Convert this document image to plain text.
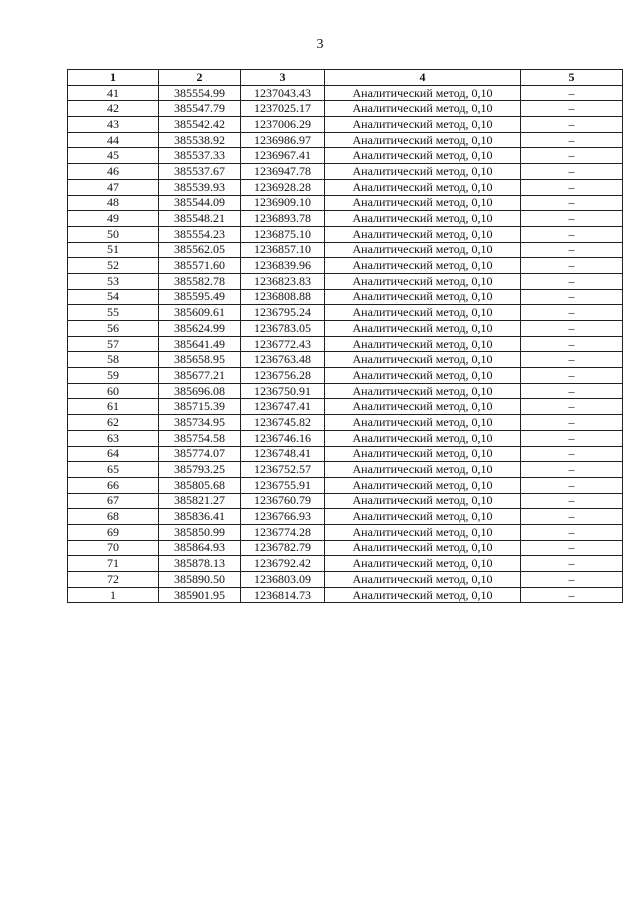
3
1	2	3	4	5
41	385554.99	1237043.43	Аналитический метод, 0,10	–
42	385547.79	1237025.17	Аналитический метод, 0,10	–
43	385542.42	1237006.29	Аналитический метод, 0,10	–
44	385538.92	1236986.97	Аналитический метод, 0,10	–
45	385537.33	1236967.41	Аналитический метод, 0,10	–
46	385537.67	1236947.78	Аналитический метод, 0,10	–
47	385539.93	1236928.28	Аналитический метод, 0,10	–
48	385544.09	1236909.10	Аналитический метод, 0,10	–
49	385548.21	1236893.78	Аналитический метод, 0,10	–
50	385554.23	1236875.10	Аналитический метод, 0,10	–
51	385562.05	1236857.10	Аналитический метод, 0,10	–
52	385571.60	1236839.96	Аналитический метод, 0,10	–
53	385582.78	1236823.83	Аналитический метод, 0,10	–
54	385595.49	1236808.88	Аналитический метод, 0,10	–
55	385609.61	1236795.24	Аналитический метод, 0,10	–
56	385624.99	1236783.05	Аналитический метод, 0,10	–
57	385641.49	1236772.43	Аналитический метод, 0,10	–
58	385658.95	1236763.48	Аналитический метод, 0,10	–
59	385677.21	1236756.28	Аналитический метод, 0,10	–
60	385696.08	1236750.91	Аналитический метод, 0,10	–
61	385715.39	1236747.41	Аналитический метод, 0,10	–
62	385734.95	1236745.82	Аналитический метод, 0,10	–
63	385754.58	1236746.16	Аналитический метод, 0,10	–
64	385774.07	1236748.41	Аналитический метод, 0,10	–
65	385793.25	1236752.57	Аналитический метод, 0,10	–
66	385805.68	1236755.91	Аналитический метод, 0,10	–
67	385821.27	1236760.79	Аналитический метод, 0,10	–
68	385836.41	1236766.93	Аналитический метод, 0,10	–
69	385850.99	1236774.28	Аналитический метод, 0,10	–
70	385864.93	1236782.79	Аналитический метод, 0,10	–
71	385878.13	1236792.42	Аналитический метод, 0,10	–
72	385890.50	1236803.09	Аналитический метод, 0,10	–
1	385901.95	1236814.73	Аналитический метод, 0,10	–
